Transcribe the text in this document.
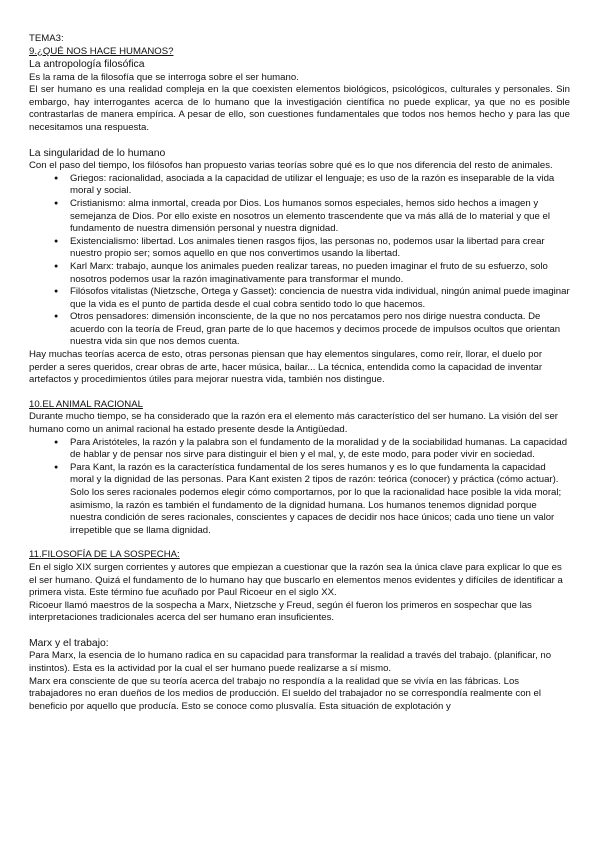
TEMA3:

9.¿QUÉ NOS HACE HUMANOS?

La antropología filosófica

Es la rama de la filosofía que se interroga sobre el ser humano.

El ser humano es una realidad compleja en la que coexisten elementos biológicos, psicológicos, culturales y personales. Sin embargo, hay interrogantes acerca de lo humano que la investigación científica no puede explicar, ya que no es posible contrastarlas de manera empírica. A pesar de ello, son cuestiones fundamentales que todos nos hemos hecho y para las que necesitamos una respuesta.

La singularidad de lo humano

Con el paso del tiempo, los filósofos han propuesto varias teorías sobre qué es lo que nos diferencia del resto de animales.

● Griegos: racionalidad, asociada a la capacidad de utilizar el lenguaje; es uso de la razón es inseparable de la vida moral y social.
● Cristianismo: alma inmortal, creada por Dios. Los humanos somos especiales, hemos sido hechos a imagen y semejanza de Dios. Por ello existe en nosotros un elemento trascendente que va más allá de lo material y que el fundamento de nuestra dimensión personal y nuestra dignidad.
● Existencialismo: libertad. Los animales tienen rasgos fijos, las personas no, podemos usar la libertad para crear nuestro propio ser; somos aquello en que nos convertimos usando la libertad.
● Karl Marx: trabajo, aunque los animales pueden realizar tareas, no pueden imaginar el fruto de su esfuerzo, solo nosotros podemos usar la razón imaginativamente para transformar el mundo.
● Filósofos vitalistas (Nietzsche, Ortega y Gasset): conciencia de nuestra vida individual, ningún animal puede imaginar que la vida es el punto de partida desde el cual cobra sentido todo lo que hacemos.
● Otros pensadores: dimensión inconsciente, de la que no nos percatamos pero nos dirige nuestra conducta. De acuerdo con la teoría de Freud, gran parte de lo que hacemos y decimos procede de impulsos ocultos que orientan nuestra vida sin que nos demos cuenta.

Hay muchas teorías acerca de esto, otras personas piensan que hay elementos singulares, como reír, llorar, el duelo por perder a seres queridos, crear obras de arte, hacer música, bailar... La técnica, entendida como la capacidad de inventar artefactos y procedimientos útiles para mejorar nuestra vida, también nos distingue.

10.EL ANIMAL RACIONAL

Durante mucho tiempo, se ha considerado que la razón era el elemento más característico del ser humano. La visión del ser humano como un animal racional ha estado presente desde la Antigüedad.

● Para Aristóteles, la razón y la palabra son el fundamento de la moralidad y de la sociabilidad humanas. La capacidad de hablar y de pensar nos sirve para distinguir el bien y el mal, y, de este modo, para poder vivir en sociedad.
● Para Kant, la razón es la característica fundamental de los seres humanos y es lo que fundamenta la capacidad moral y la dignidad de las personas. Para Kant existen 2 tipos de razón: teórica (conocer) y práctica (cómo actuar). Solo los seres racionales podemos elegir cómo comportarnos, por lo que la racionalidad hace posible la vida moral; asimismo, la razón es también el fundamento de la dignidad humana. Los humanos tenemos dignidad porque nuestra condición de seres racionales, conscientes y capaces de decidir nos hace únicos; cada uno tiene un valor irrepetible que se llama dignidad.

11.FILOSOFÍA DE LA SOSPECHA:

En el siglo XIX surgen corrientes y autores que empiezan a cuestionar que la razón sea la única clave para explicar lo que es el ser humano. Quizá el fundamento de lo humano hay que buscarlo en elementos menos evidentes y difíciles de identificar a primera vista. Este término fue acuñado por Paul Ricoeur en el siglo XX.

Ricoeur llamó maestros de la sospecha a Marx, Nietzsche y Freud, según él fueron los primeros en sospechar que las interpretaciones tradicionales acerca del ser humano eran insuficientes.

Marx y el trabajo:

Para Marx, la esencia de lo humano radica en su capacidad para transformar la realidad a través del trabajo. (planificar, no instintos). Esta es la actividad por la cual el ser humano puede realizarse a sí mismo.

Marx era consciente de que su teoría acerca del trabajo no respondía a la realidad que se vivía en las fábricas. Los trabajadores no eran dueños de los medios de producción. El sueldo del trabajador no se correspondía realmente con el beneficio por aquello que producía. Esto se conoce como plusvalía. Esta situación de explotación y
